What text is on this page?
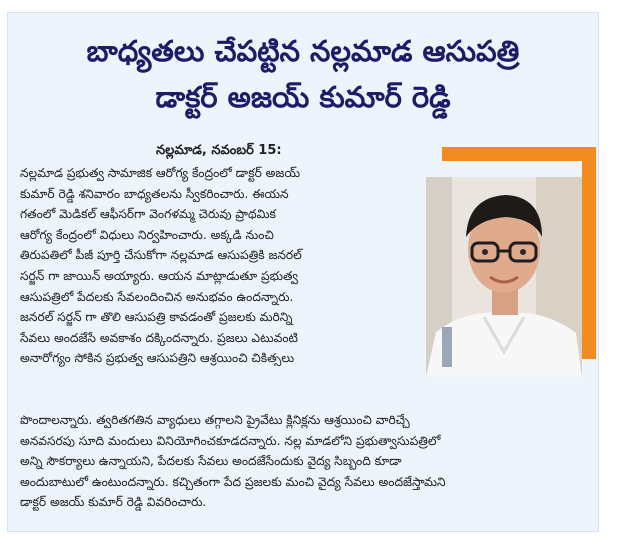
బాధ్యతలు చేపట్టిన నల్లమాడ ఆసుపత్రి
డాక్టర్ అజయ్ కుమార్ రెడ్డి
నల్లమాడ, నవంబర్ 15:
నల్లమాడ ప్రభుత్వ సామాజిక ఆరోగ్య కేంద్రంలో డాక్టర్ అజయ్
కుమార్ రెడ్డి శనివారం బాధ్యతలను స్వీకరించారు. ఈయన
గతంలో మెడికల్ ఆఫీసర్‌గా వెంగళమ్మ చెరువు ప్రాథమిక
ఆరోగ్య కేంద్రంలో విధులు నిర్వహించారు. అక్కడి నుంచి
తిరుపతిలో పీజీ పూర్తి చేసుకోగా నల్లమాడ ఆసుపత్రికి జనరల్
సర్జన్ గా జాయిన్ అయ్యారు. ఆయన మాట్లాడుతూ ప్రభుత్వ
ఆసుపత్రిలో పేదలకు సేవలందించిన అనుభవం ఉందన్నారు.
జనరల్ సర్జన్ గా తొలి ఆసుపత్రి కావడంతో ప్రజలకు మరిన్ని
సేవలు అందజేసే అవకాశం దక్కిందన్నారు. ప్రజలు ఎటువంటి
అనారోగ్యం సోకిన ప్రభుత్వ ఆసుపత్రిని ఆశ్రయించి చికిత్సలు
పొందాలన్నారు. త్వరితగతిన వ్యాధులు తగ్గాలని ప్రైవేటు క్లినిక్లను ఆశ్రయించి వారిచ్చే
అనవసరపు సూది మందులు వినియోగించకూడదన్నారు. నల్ల మాడలోని ప్రభుత్వాసుపత్రిలో
అన్ని సౌకర్యాలు ఉన్నాయని, పేదలకు సేవలు అందజేసేందుకు వైద్య సిబ్బంది కూడా
అందుబాటులో ఉంటుందన్నారు. కచ్చితంగా పేద ప్రజలకు మంచి వైద్య సేవలు అందజేస్తామని
డాక్టర్ అజయ్ కుమార్ రెడ్డి వివరించారు.
